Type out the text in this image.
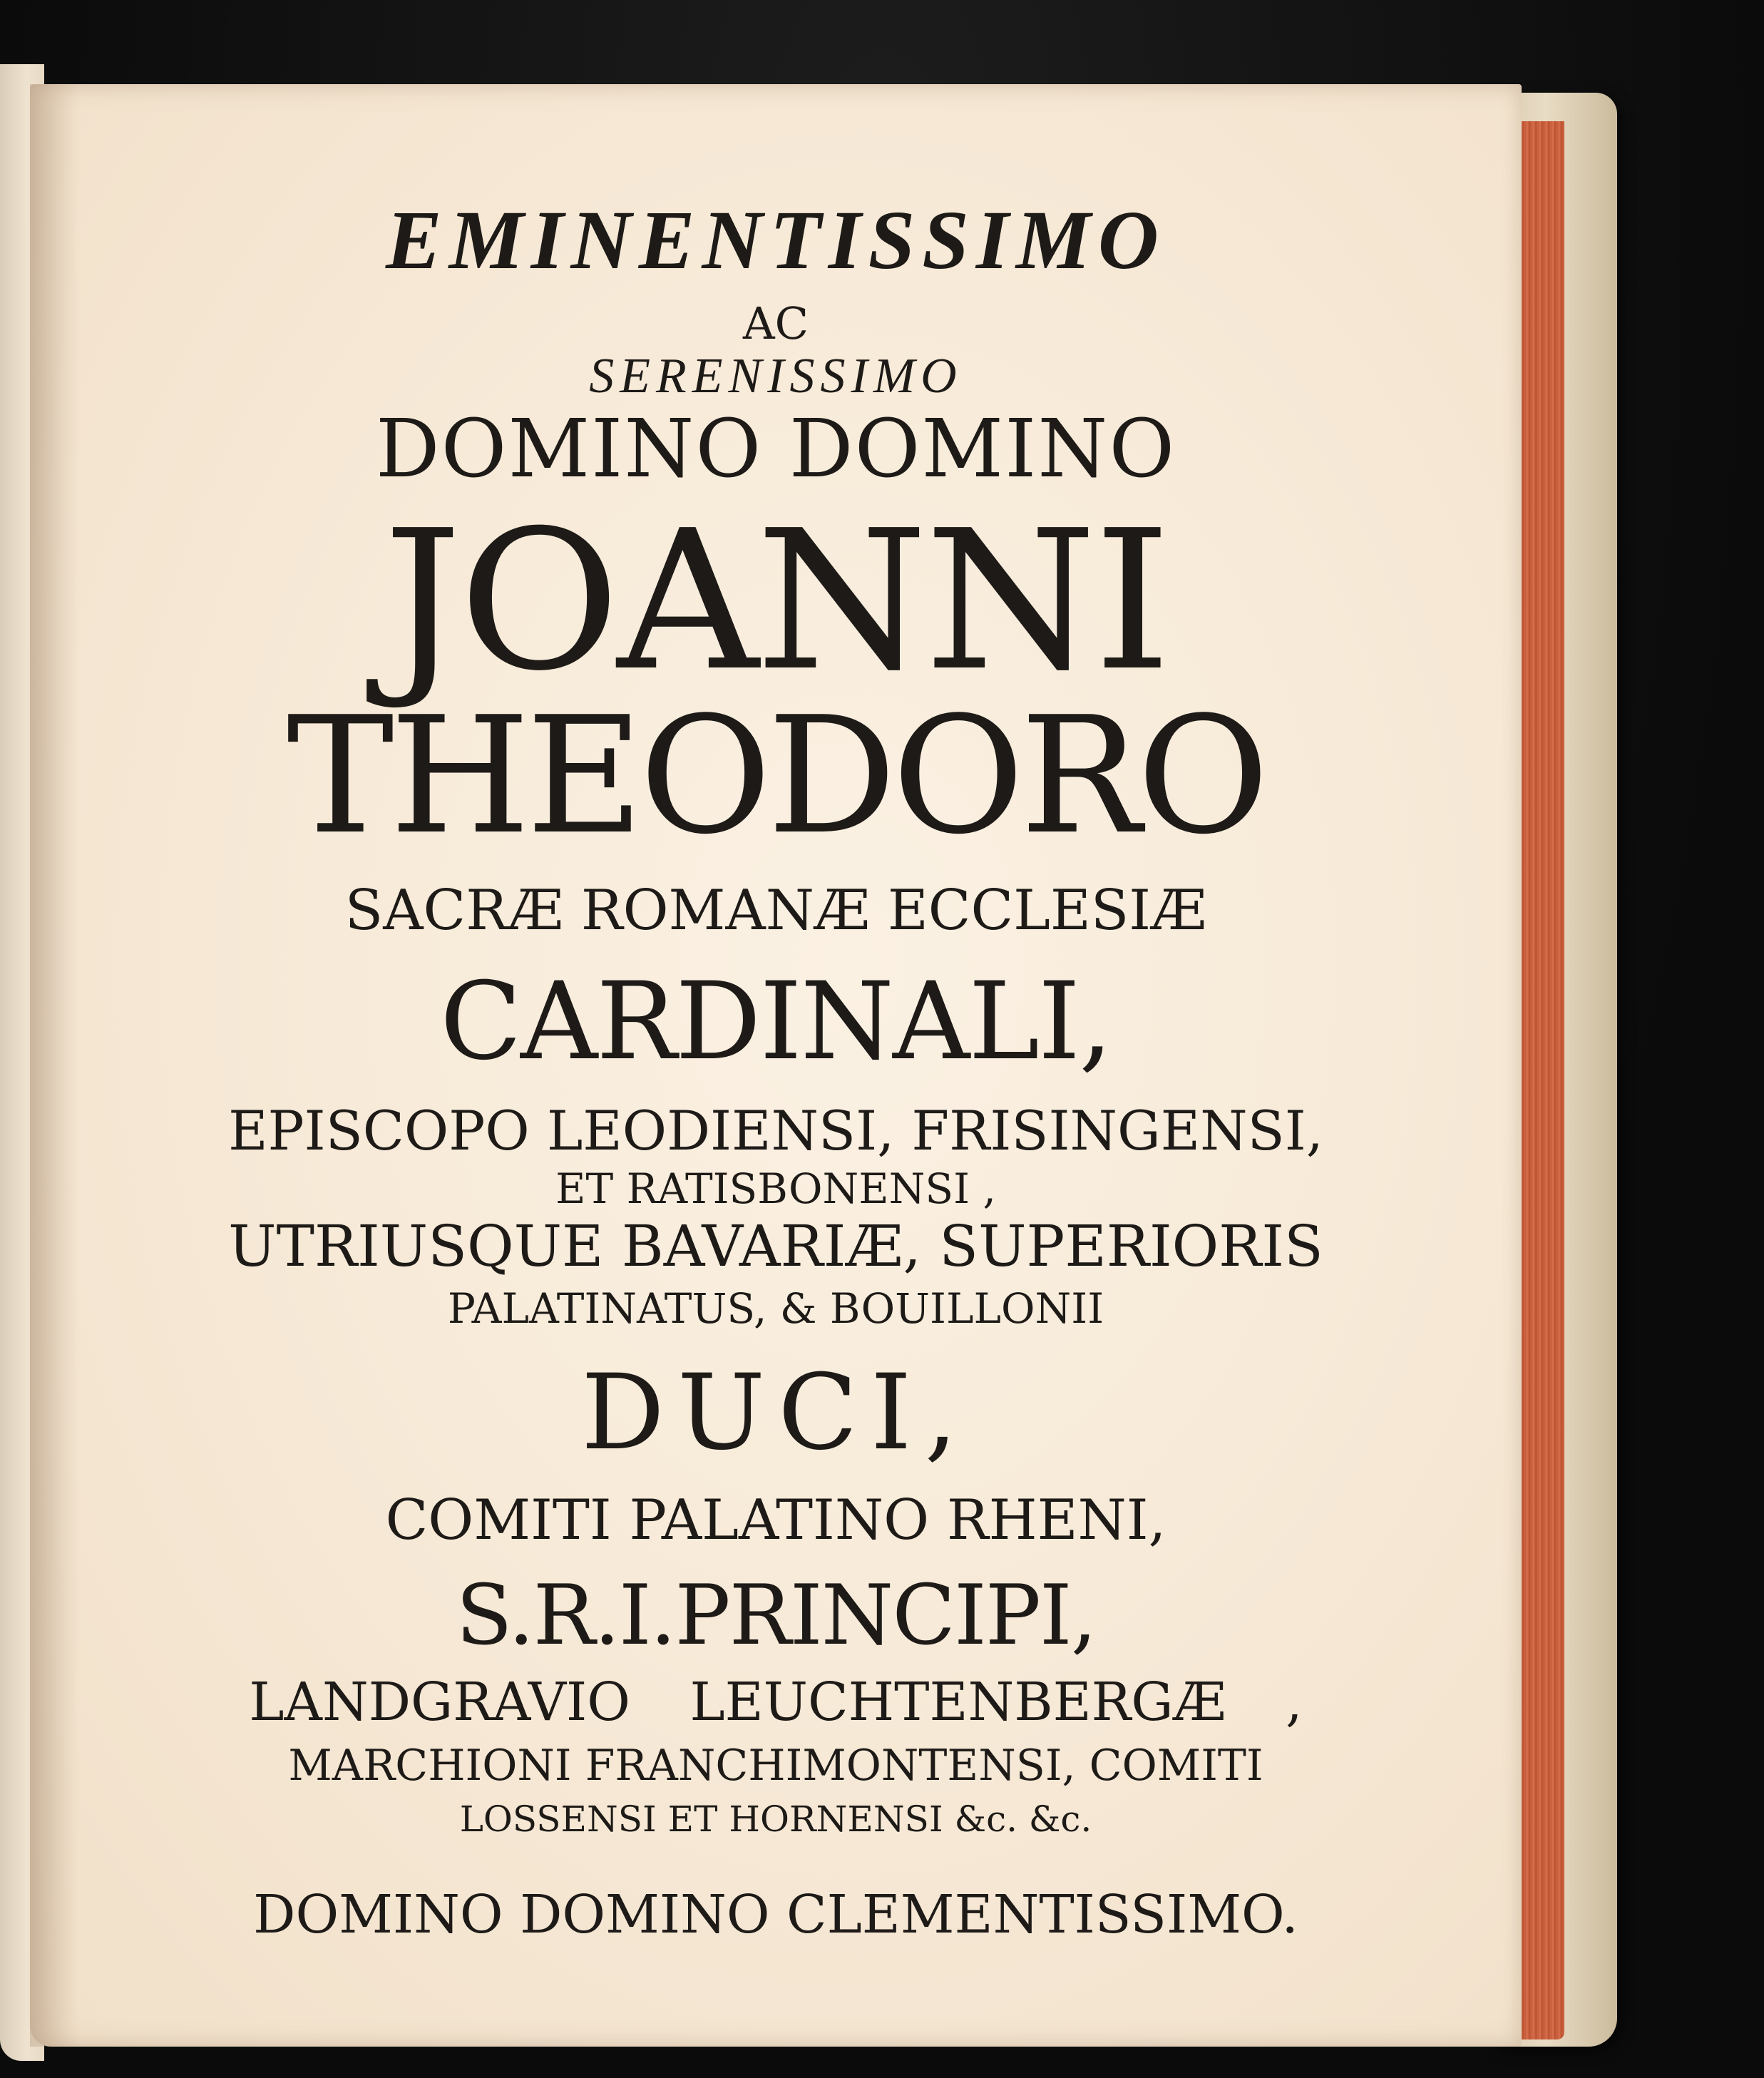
EMINENTISSIMO
AC
SERENISSIMO
DOMINO DOMINO
JOANNI
THEODORO
SACRÆ ROMANÆ ECCLESIÆ
CARDINALI,
EPISCOPO LEODIENSI, FRISINGENSI,
ET RATISBONENSI ,
UTRIUSQUE BAVARIÆ, SUPERIORIS
PALATINATUS, & BOUILLONII
DUCI,
COMITI PALATINO RHENI,
S.R.I.PRINCIPI,
LANDGRAVIO LEUCHTENBERGÆ ,
MARCHIONI FRANCHIMONTENSI, COMITI
LOSSENSI ET HORNENSI &c. &c.
DOMINO DOMINO CLEMENTISSIMO.
